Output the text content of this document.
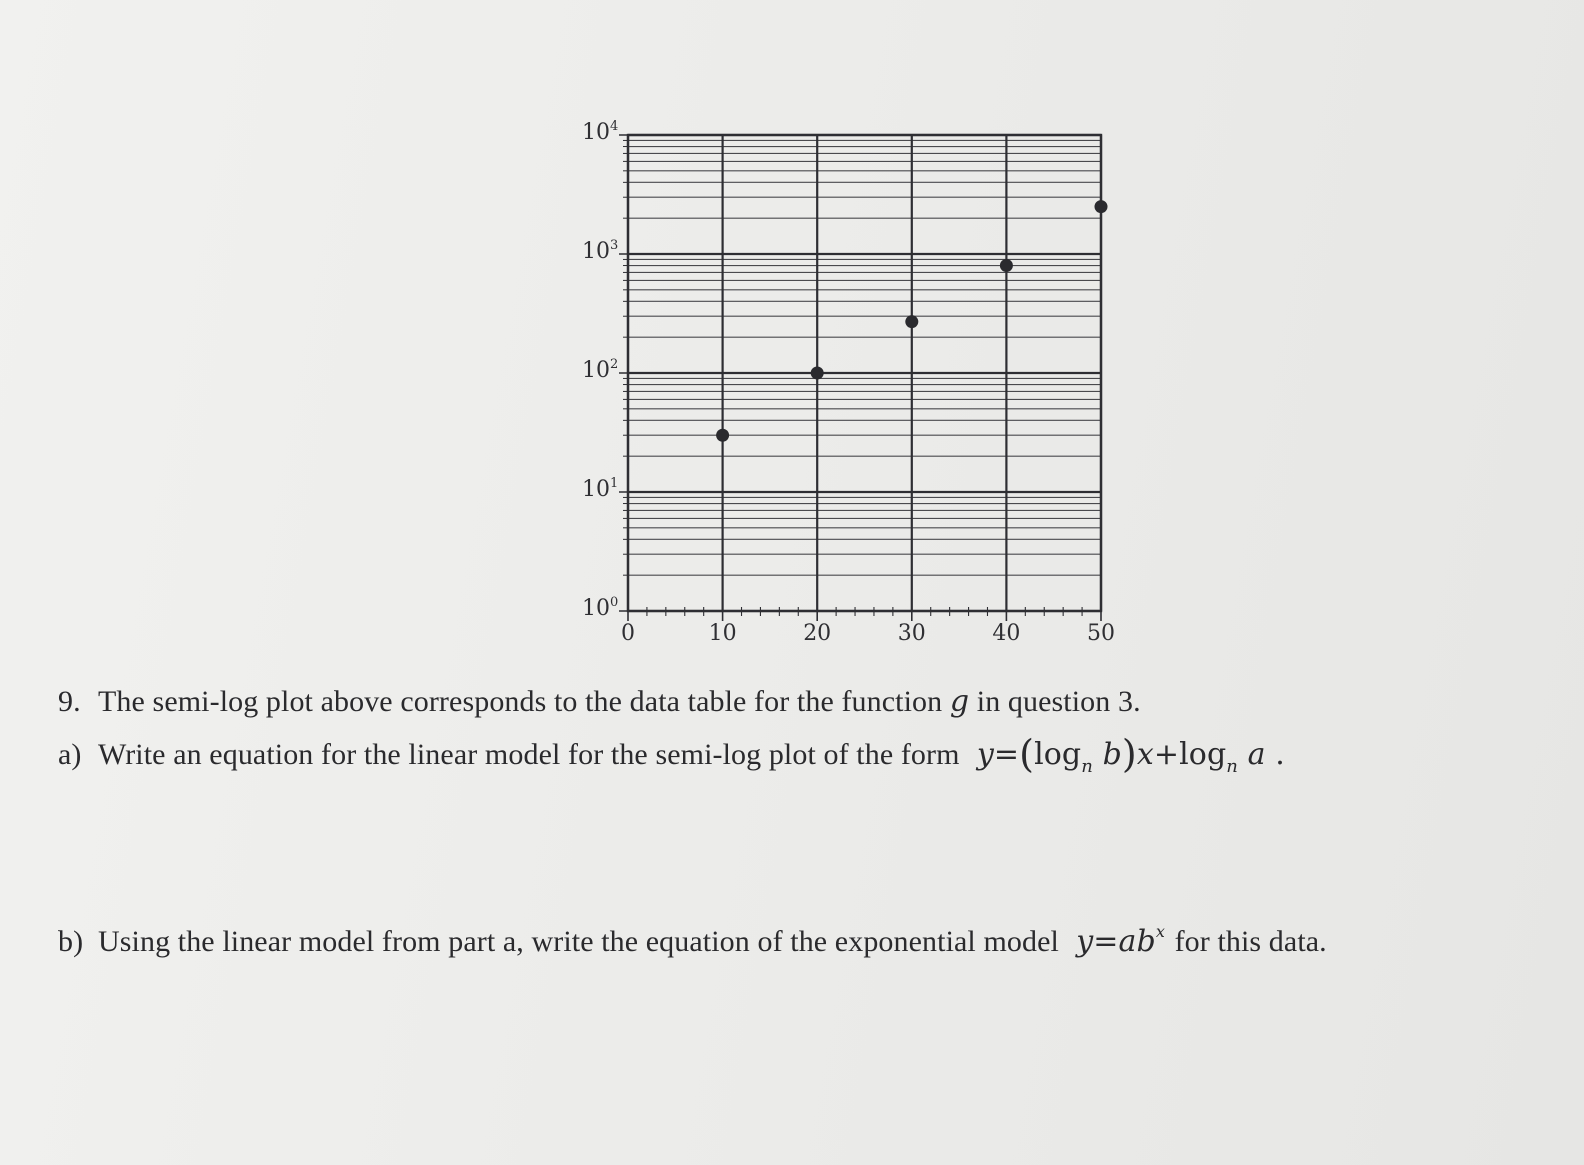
0	10	20	30	40	50
$10^0$
$10^1$
$10^2$
$10^3$
$10^4$
9. The semi-log plot above corresponds to the data table for the function g in question 3.
a) Write an equation for the linear model for the semi-log plot of the form $y=(\log_n$ $b)x+\log_n$ a .
b) Using the linear model from part a, write the equation of the exponential model $y=ab^x$ for this data.
